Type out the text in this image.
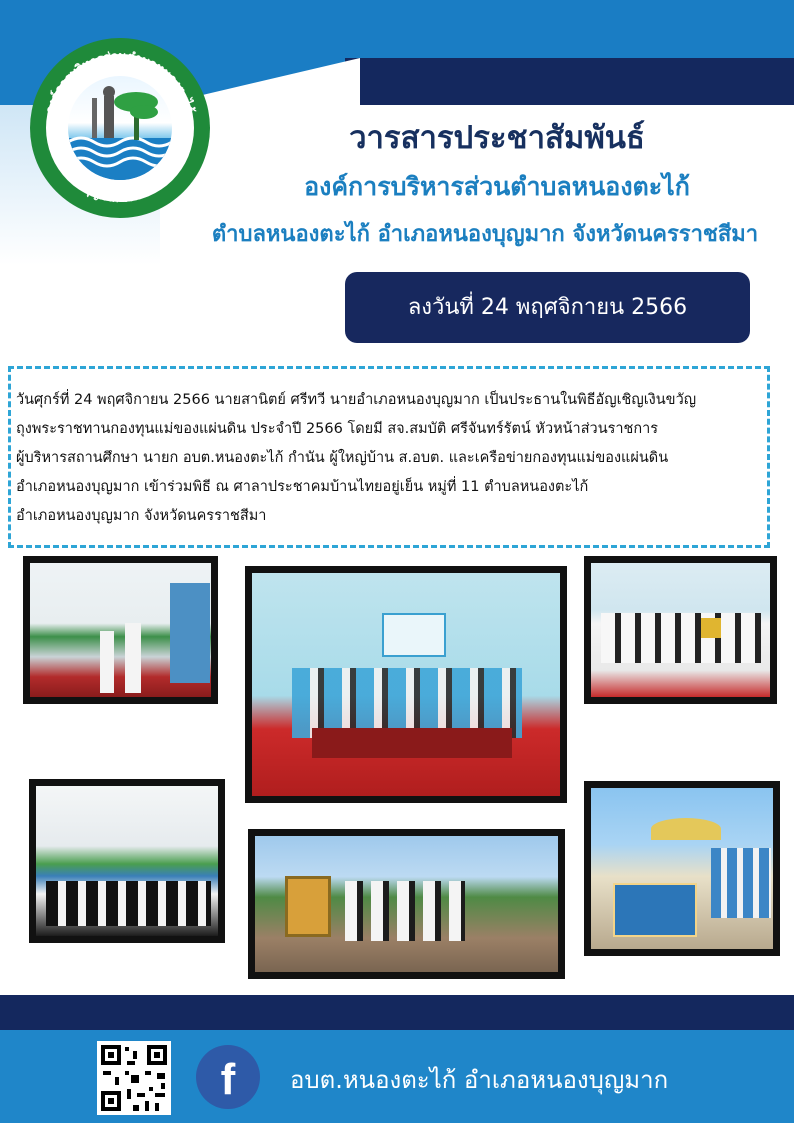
องค์การบริหารส่วนตำบลหนองตะไก้
อำเภอหนองบุญมาก จังหวัดนครราชสีมา	วารสารประชาสัมพันธ์
องค์การบริหารส่วนตำบลหนองตะไก้
ตำบลหนองตะไก้ อำเภอหนองบุญมาก จังหวัดนครราชสีมา
ลงวันที่ 24 พฤศจิกายน 2566
วันศุกร์ที่ 24 พฤศจิกายน 2566 นายสานิตย์ ศรีทวี นายอำเภอหนองบุญมาก เป็นประธานในพิธีอัญเชิญเงินขวัญ
ถุงพระราชทานกองทุนแม่ของแผ่นดิน ประจำปี 2566 โดยมี สจ.สมบัติ ศรีจันทร์รัตน์ หัวหน้าส่วนราชการ
ผู้บริหารสถานศึกษา นายก อบต.หนองตะไก้ กำนัน ผู้ใหญ่บ้าน ส.อบต. และเครือข่ายกองทุนแม่ของแผ่นดิน
อำเภอหนองบุญมาก เข้าร่วมพิธี ณ ศาลาประชาคมบ้านไทยอยู่เย็น หมู่ที่ 11 ตำบลหนองตะไก้
อำเภอหนองบุญมาก จังหวัดนครราชสีมา
f	อบต.หนองตะไก้ อำเภอหนองบุญมาก
